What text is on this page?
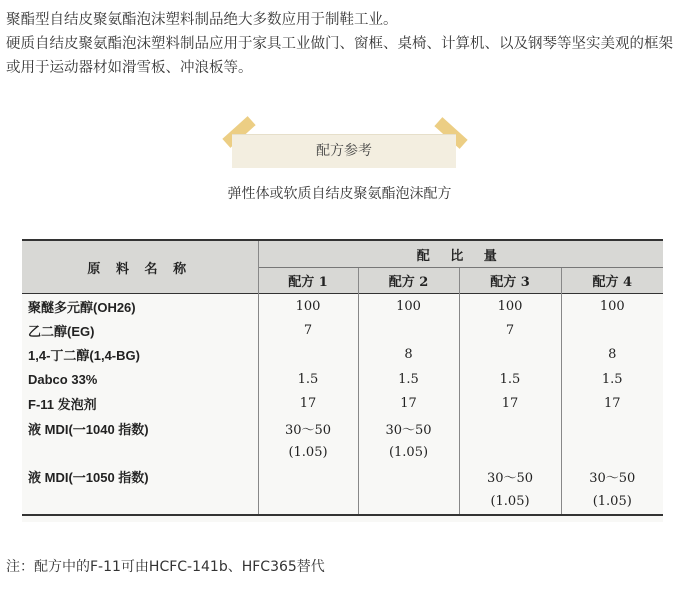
聚酯型自结皮聚氨酯泡沫塑料制品绝大多数应用于制鞋工业。

硬质自结皮聚氨酯泡沫塑料制品应用于家具工业做门、窗框、桌椅、计算机、以及钢琴等坚实美观的框架或用于运动器材如滑雪板、冲浪板等。

配方参考
弹性体或软质自结皮聚氨酯泡沫配方

原 料 名 称	配 比 量			
	配方 1	配方 2	配方 3	配方 4

聚醚多元醇(OH26)	100	100	100	100
乙二醇(EG)	7		7	
1,4-丁二醇(1,4-BG)		8		8
Dabco 33%	1.5	1.5	1.5	1.5
F-11 发泡剂	17	17	17	17
液 MDI(一1040 指数)	30～50	30～50		
	(1.05)	(1.05)		
液 MDI(一1050 指数)			30～50	30～50
			(1.05)	(1.05)
注：配方中的F-11可由HCFC-141b、HFC365替代
